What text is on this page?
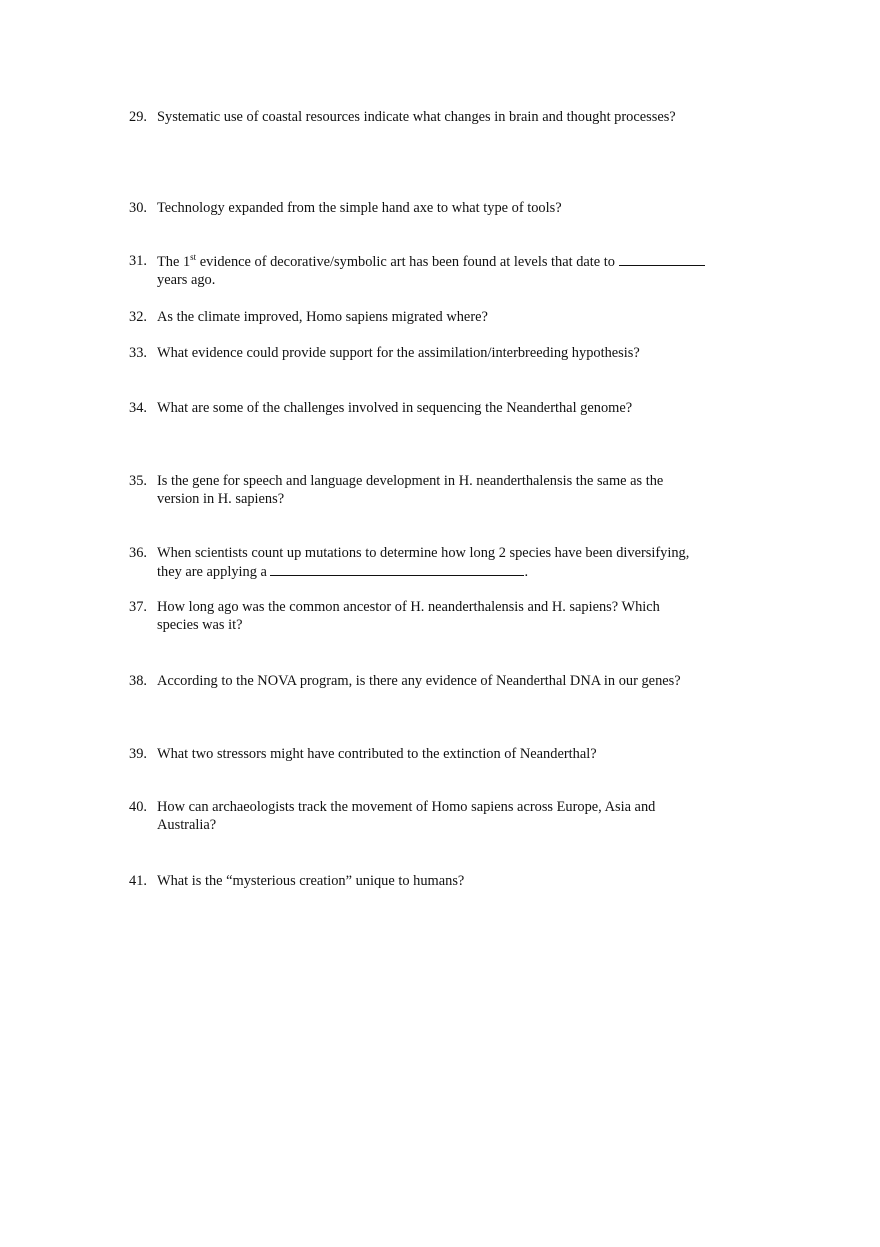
29. Systematic use of coastal resources indicate what changes in brain and thought processes?
30. Technology expanded from the simple hand axe to what type of tools?
31. The 1st evidence of decorative/symbolic art has been found at levels that date to
years ago.
32. As the climate improved, Homo sapiens migrated where?
33. What evidence could provide support for the assimilation/interbreeding hypothesis?
34. What are some of the challenges involved in sequencing the Neanderthal genome?
35. Is the gene for speech and language development in H. neanderthalensis the same as the
version in H. sapiens?
36. When scientists count up mutations to determine how long 2 species have been diversifying,
they are applying a	.
37. How long ago was the common ancestor of H. neanderthalensis and H. sapiens? Which
species was it?
38. According to the NOVA program, is there any evidence of Neanderthal DNA in our genes?
39. What two stressors might have contributed to the extinction of Neanderthal?
40. How can archaeologists track the movement of Homo sapiens across Europe, Asia and
Australia?
41. What is the “mysterious creation” unique to humans?
